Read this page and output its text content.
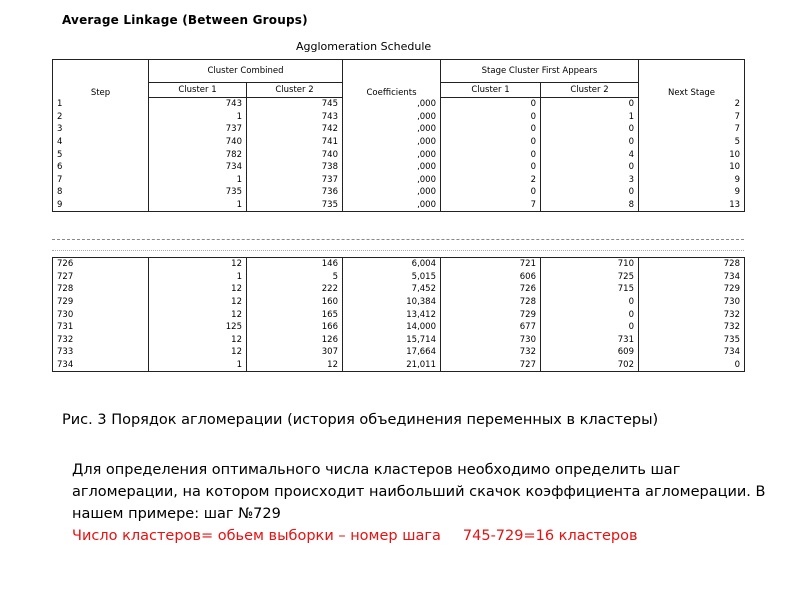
Average Linkage (Between Groups)
Agglomeration Schedule
Step	Cluster Combined		Coefficients	Stage Cluster First Appears		Next Stage
	Cluster 1	Cluster 2		Cluster 1	Cluster 2	
1	743	745	,000	0	0	2
2	1	743	,000	0	1	7
3	737	742	,000	0	0	7
4	740	741	,000	0	0	5
5	782	740	,000	0	4	10
6	734	738	,000	0	0	10
7	1	737	,000	2	3	9
8	735	736	,000	0	0	9
9	1	735	,000	7	8	13
726	12	146	6,004	721	710	728
727	1	5	5,015	606	725	734
728	12	222	7,452	726	715	729
729	12	160	10,384	728	0	730
730	12	165	13,412	729	0	732
731	125	166	14,000	677	0	732
732	12	126	15,714	730	731	735
733	12	307	17,664	732	609	734
734	1	12	21,011	727	702	0
Рис. 3 Порядок агломерации (история объединения переменных в кластеры)
Для определения оптимального числа кластеров необходимо определить шаг агломерации, на котором происходит наибольший скачок коэффициента агломерации. В нашем примере: шаг №729
Число кластеров= обьем выборки – номер шага 745-729=16 кластеров
